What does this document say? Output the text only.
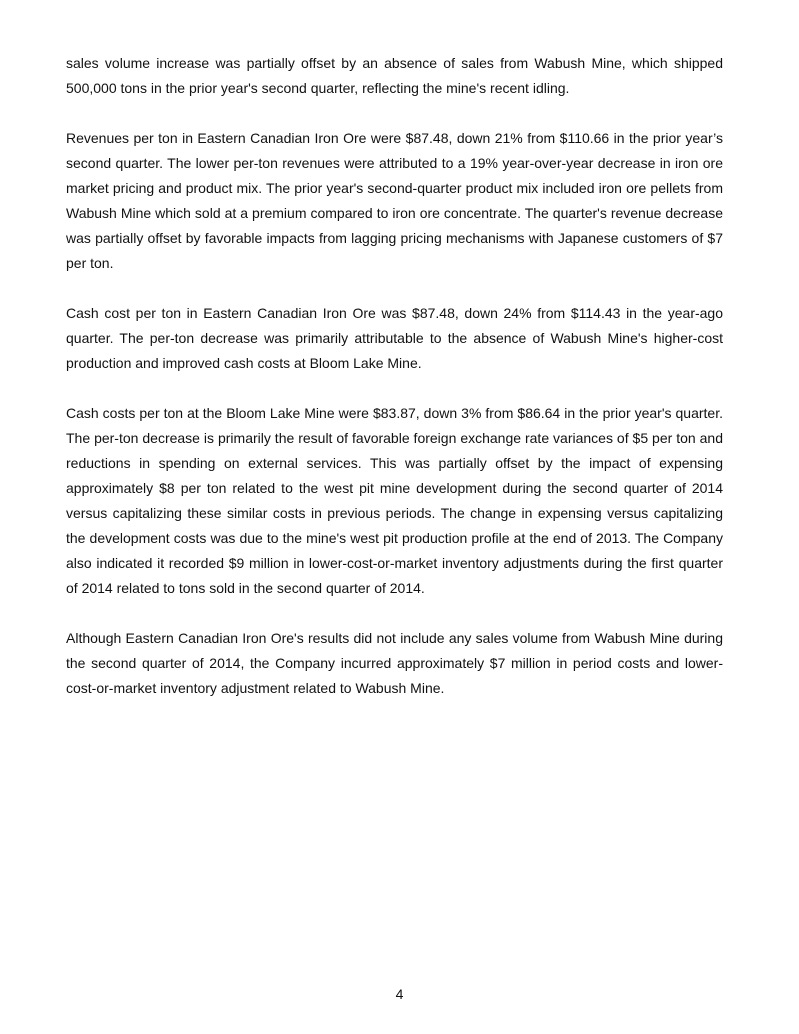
sales volume increase was partially offset by an absence of sales from Wabush Mine, which shipped 500,000 tons in the prior year's second quarter, reflecting the mine's recent idling.

Revenues per ton in Eastern Canadian Iron Ore were $87.48, down 21% from $110.66 in the prior year’s second quarter. The lower per-ton revenues were attributed to a 19% year-over-year decrease in iron ore market pricing and product mix. The prior year's second-quarter product mix included iron ore pellets from Wabush Mine which sold at a premium compared to iron ore concentrate. The quarter's revenue decrease was partially offset by favorable impacts from lagging pricing mechanisms with Japanese customers of $7 per ton.

Cash cost per ton in Eastern Canadian Iron Ore was $87.48, down 24% from $114.43 in the year-ago quarter. The per-ton decrease was primarily attributable to the absence of Wabush Mine's higher-cost production and improved cash costs at Bloom Lake Mine.

Cash costs per ton at the Bloom Lake Mine were $83.87, down 3% from $86.64 in the prior year's quarter. The per-ton decrease is primarily the result of favorable foreign exchange rate variances of $5 per ton and reductions in spending on external services. This was partially offset by the impact of expensing approximately $8 per ton related to the west pit mine development during the second quarter of 2014 versus capitalizing these similar costs in previous periods. The change in expensing versus capitalizing the development costs was due to the mine's west pit production profile at the end of 2013. The Company also indicated it recorded $9 million in lower-cost-or-market inventory adjustments during the first quarter of 2014 related to tons sold in the second quarter of 2014.

Although Eastern Canadian Iron Ore's results did not include any sales volume from Wabush Mine during the second quarter of 2014, the Company incurred approximately $7 million in period costs and lower-cost-or-market inventory adjustment related to Wabush Mine.

4
